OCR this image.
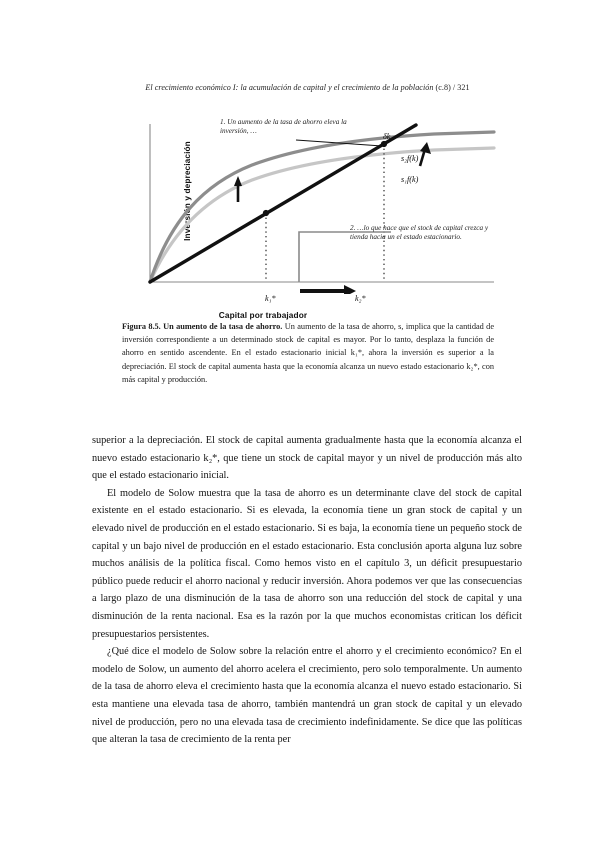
El crecimiento económico I: la acumulación de capital y el crecimiento de la población (c.8) / 321
Inversión y depreciación
δk
s₂f(k)
s₁f(k)
k₁*	k₂*
1. Un aumento de la tasa de ahorro eleva la inversión, …
2. …lo que hace que el stock de capital crezca y tienda hacia un el estado estacionario.
Capital por trabajador
Figura 8.5. Un aumento de la tasa de ahorro. Un aumento de la tasa de ahorro, s, implica que la cantidad de inversión correspondiente a un determinado stock de capital es mayor. Por lo tanto, desplaza la función de ahorro en sentido ascendente. En el estado estacionario inicial k₁*, ahora la inversión es superior a la depreciación. El stock de capital aumenta hasta que la economía alcanza un nuevo estado estacionario k₂*, con más capital y producción.

superior a la depreciación. El stock de capital aumenta gradualmente hasta que la economía alcanza el nuevo estado estacionario k₂*, que tiene un stock de capital mayor y un nivel de producción más alto que el estado estacionario inicial.

El modelo de Solow muestra que la tasa de ahorro es un determinante clave del stock de capital existente en el estado estacionario. Si es elevada, la economía tiene un gran stock de capital y un elevado nivel de producción en el estado estacionario. Si es baja, la economía tiene un pequeño stock de capital y un bajo nivel de producción en el estado estacionario. Esta conclusión aporta alguna luz sobre muchos análisis de la política fiscal. Como hemos visto en el capítulo 3, un déficit presupuestario público puede reducir el ahorro nacional y reducir inversión. Ahora podemos ver que las consecuencias a largo plazo de una disminución de la tasa de ahorro son una reducción del stock de capital y una disminución de la renta nacional. Esa es la razón por la que muchos economistas critican los déficit presupuestarios persistentes.

¿Qué dice el modelo de Solow sobre la relación entre el ahorro y el crecimiento económico? En el modelo de Solow, un aumento del ahorro acelera el crecimiento, pero solo temporalmente. Un aumento de la tasa de ahorro eleva el crecimiento hasta que la economía alcanza el nuevo estado estacionario. Si esta mantiene una elevada tasa de ahorro, también mantendrá un gran stock de capital y un elevado nivel de producción, pero no una elevada tasa de crecimiento indefinidamente. Se dice que las políticas que alteran la tasa de crecimiento de la renta per
